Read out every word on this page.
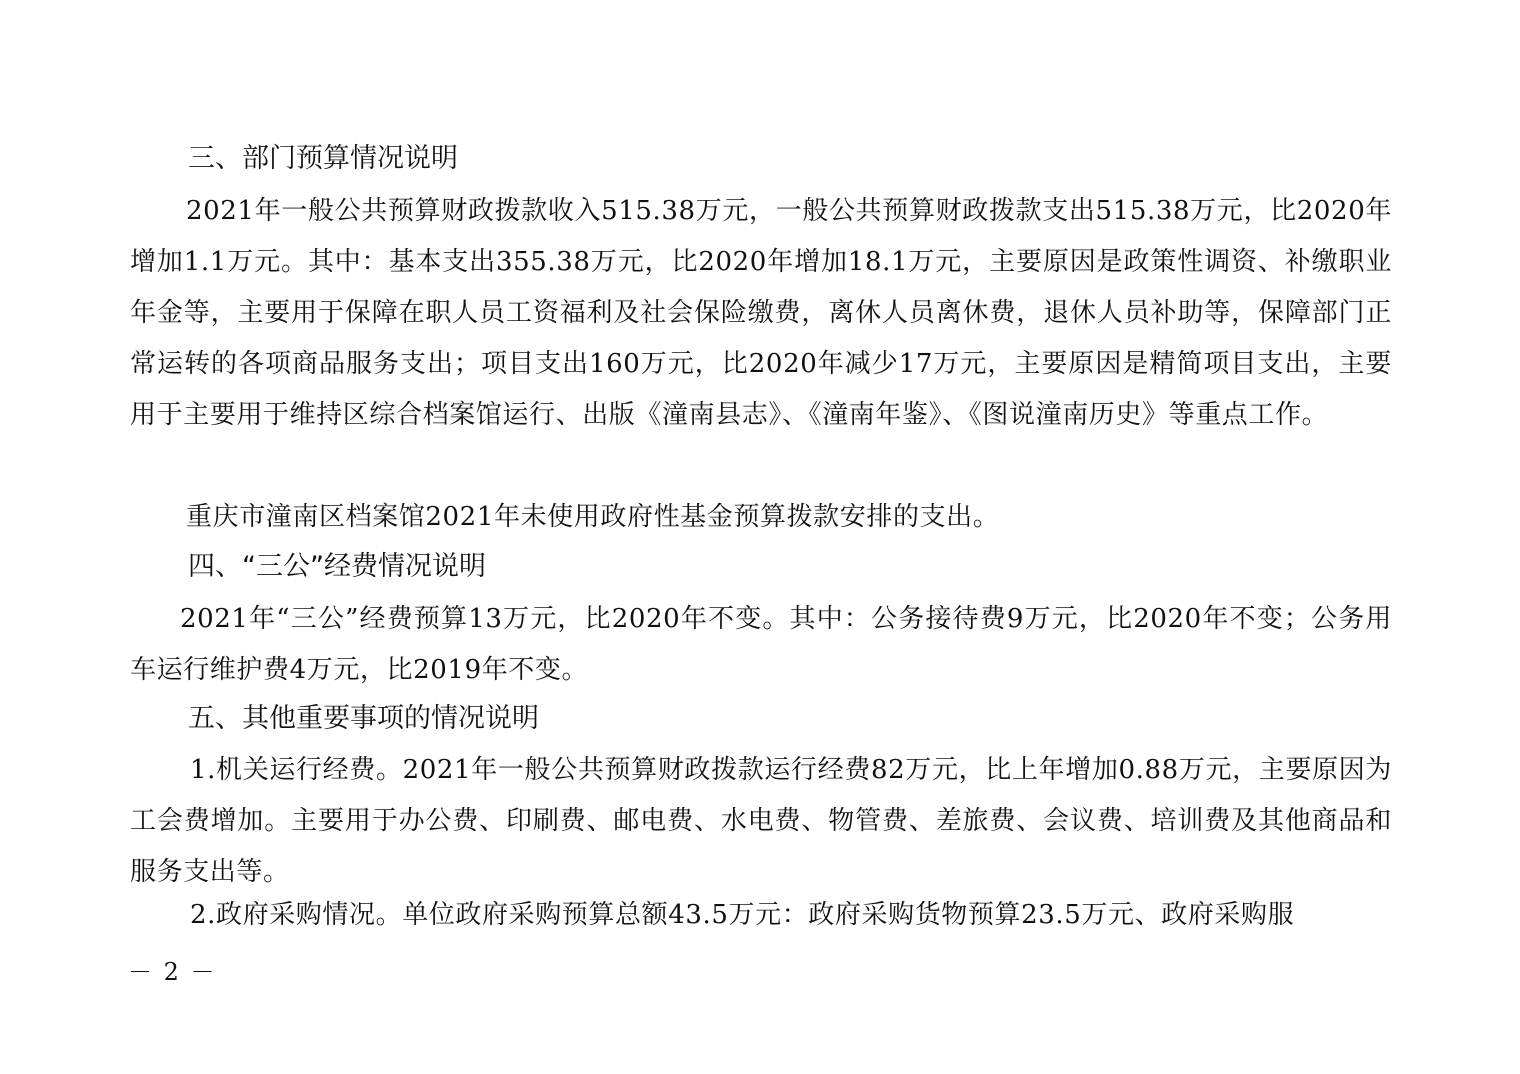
三、部门预算情况说明

2021年一般公共预算财政拨款收入515.38万元，一般公共预算财政拨款支出515.38万元，比2020年增加1.1万元。其中：基本支出355.38万元，比2020年增加18.1万元，主要原因是政策性调资、补缴职业年金等，主要用于保障在职人员工资福利及社会保险缴费，离休人员离休费，退休人员补助等，保障部门正常运转的各项商品服务支出；项目支出160万元，比2020年减少17万元，主要原因是精简项目支出，主要用于主要用于维持区综合档案馆运行、出版《潼南县志》、《潼南年鉴》、《图说潼南历史》等重点工作。

重庆市潼南区档案馆2021年未使用政府性基金预算拨款安排的支出。

四、“三公”经费情况说明

2021年“三公”经费预算13万元，比2020年不变。其中：公务接待费9万元，比2020年不变；公务用车运行维护费4万元，比2019年不变。

五、其他重要事项的情况说明

1.机关运行经费。2021年一般公共预算财政拨款运行经费82万元，比上年增加0.88万元，主要原因为工会费增加。主要用于办公费、印刷费、邮电费、水电费、物管费、差旅费、会议费、培训费及其他商品和服务支出等。

2.政府采购情况。单位政府采购预算总额43.5万元：政府采购货物预算23.5万元、政府采购服

－ 2 －
